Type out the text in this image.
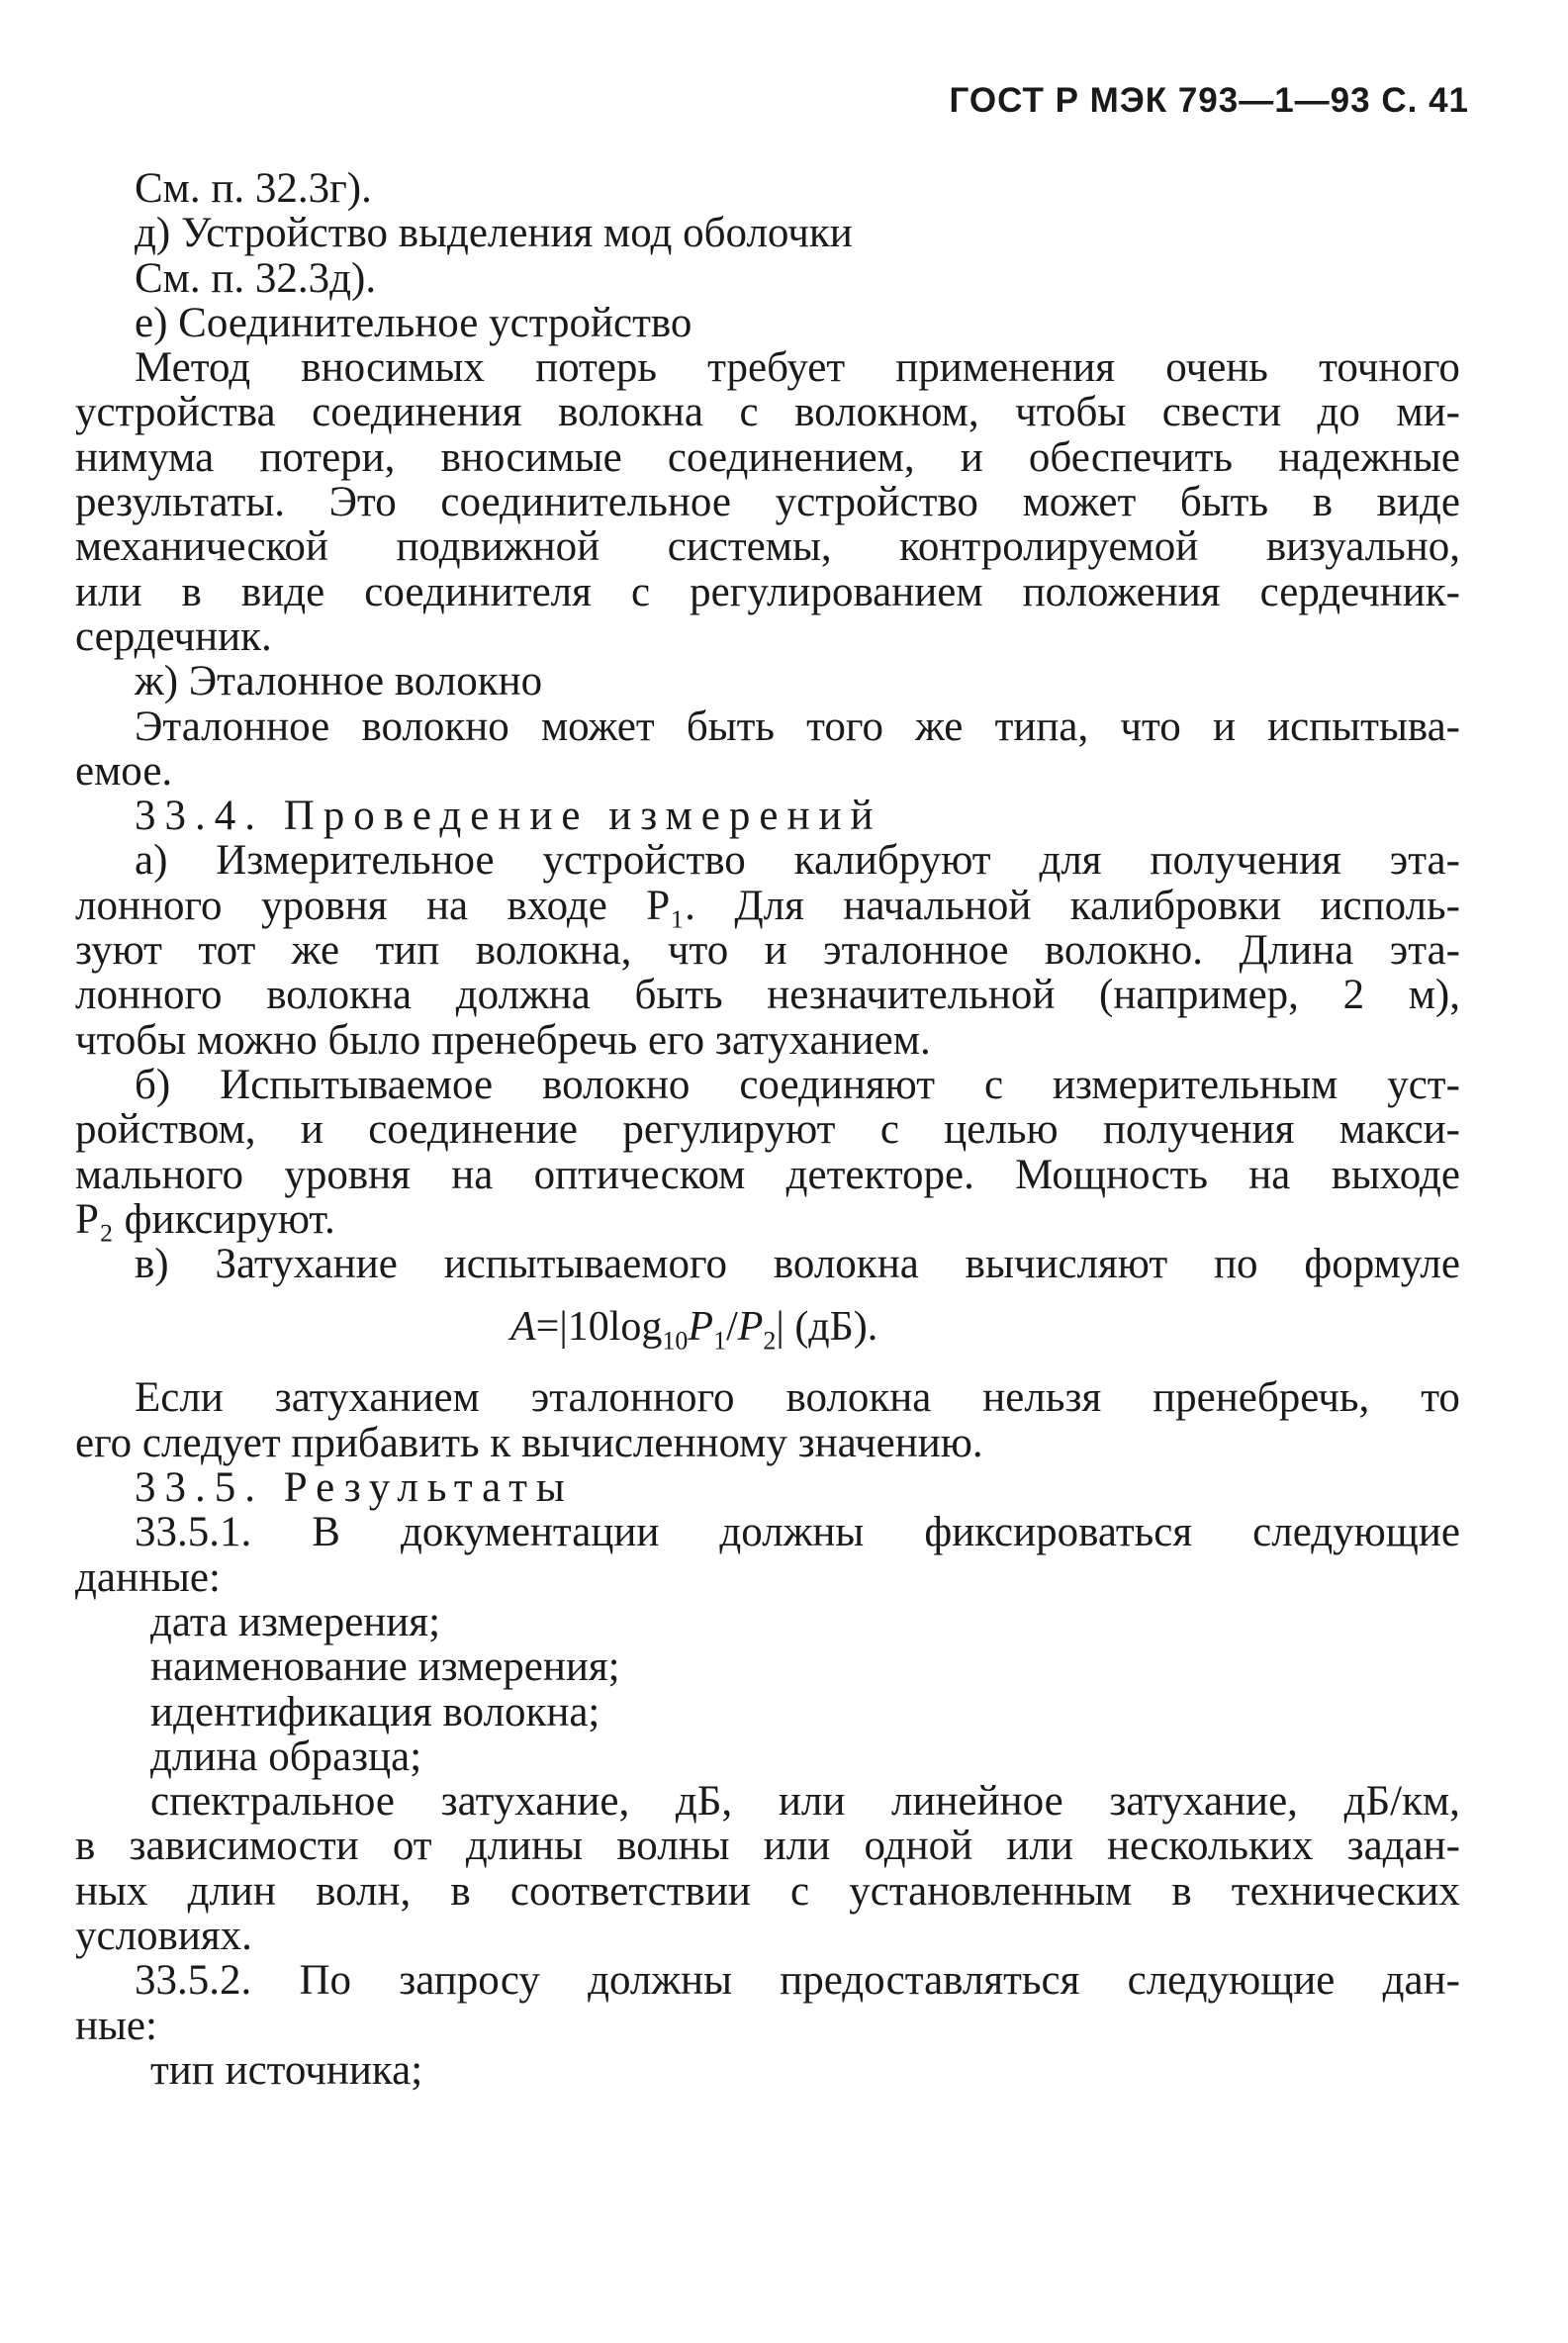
ГОСТ Р МЭК 793—1—93 С. 41
См. п. 32.3г).
д) Устройство выделения мод оболочки
См. п. 32.3д).
е) Соединительное устройство
Метод вносимых потерь требует применения очень точного
устройства соединения волокна с волокном, чтобы свести до ми-
нимума потери, вносимые соединением, и обеспечить надежные
результаты. Это соединительное устройство может быть в виде
механической подвижной системы, контролируемой визуально,
или в виде соединителя с регулированием положения сердечник-
сердечник.
ж) Эталонное волокно
Эталонное волокно может быть того же типа, что и испытыва-
емое.
33.4. Проведение измерений
а) Измерительное устройство калибруют для получения эта-
лонного уровня на входе P₁. Для начальной калибровки исполь-
зуют тот же тип волокна, что и эталонное волокно. Длина эта-
лонного волокна должна быть незначительной (например, 2 м),
чтобы можно было пренебречь его затуханием.
б) Испытываемое волокно соединяют с измерительным уст-
ройством, и соединение регулируют с целью получения макси-
мального уровня на оптическом детекторе. Мощность на выходе
P₂ фиксируют.
в) Затухание испытываемого волокна вычисляют по формуле
$A=|10\log_{10}P_1/P_2|$ (дБ).
Если затуханием эталонного волокна нельзя пренебречь, то
его следует прибавить к вычисленному значению.
33.5. Результаты
33.5.1. В документации должны фиксироваться следующие
данные:
дата измерения;
наименование измерения;
идентификация волокна;
длина образца;
спектральное затухание, дБ, или линейное затухание, дБ/км,
в зависимости от длины волны или одной или нескольких задан-
ных длин волн, в соответствии с установленным в технических
условиях.
33.5.2. По запросу должны предоставляться следующие дан-
ные:
тип источника;
